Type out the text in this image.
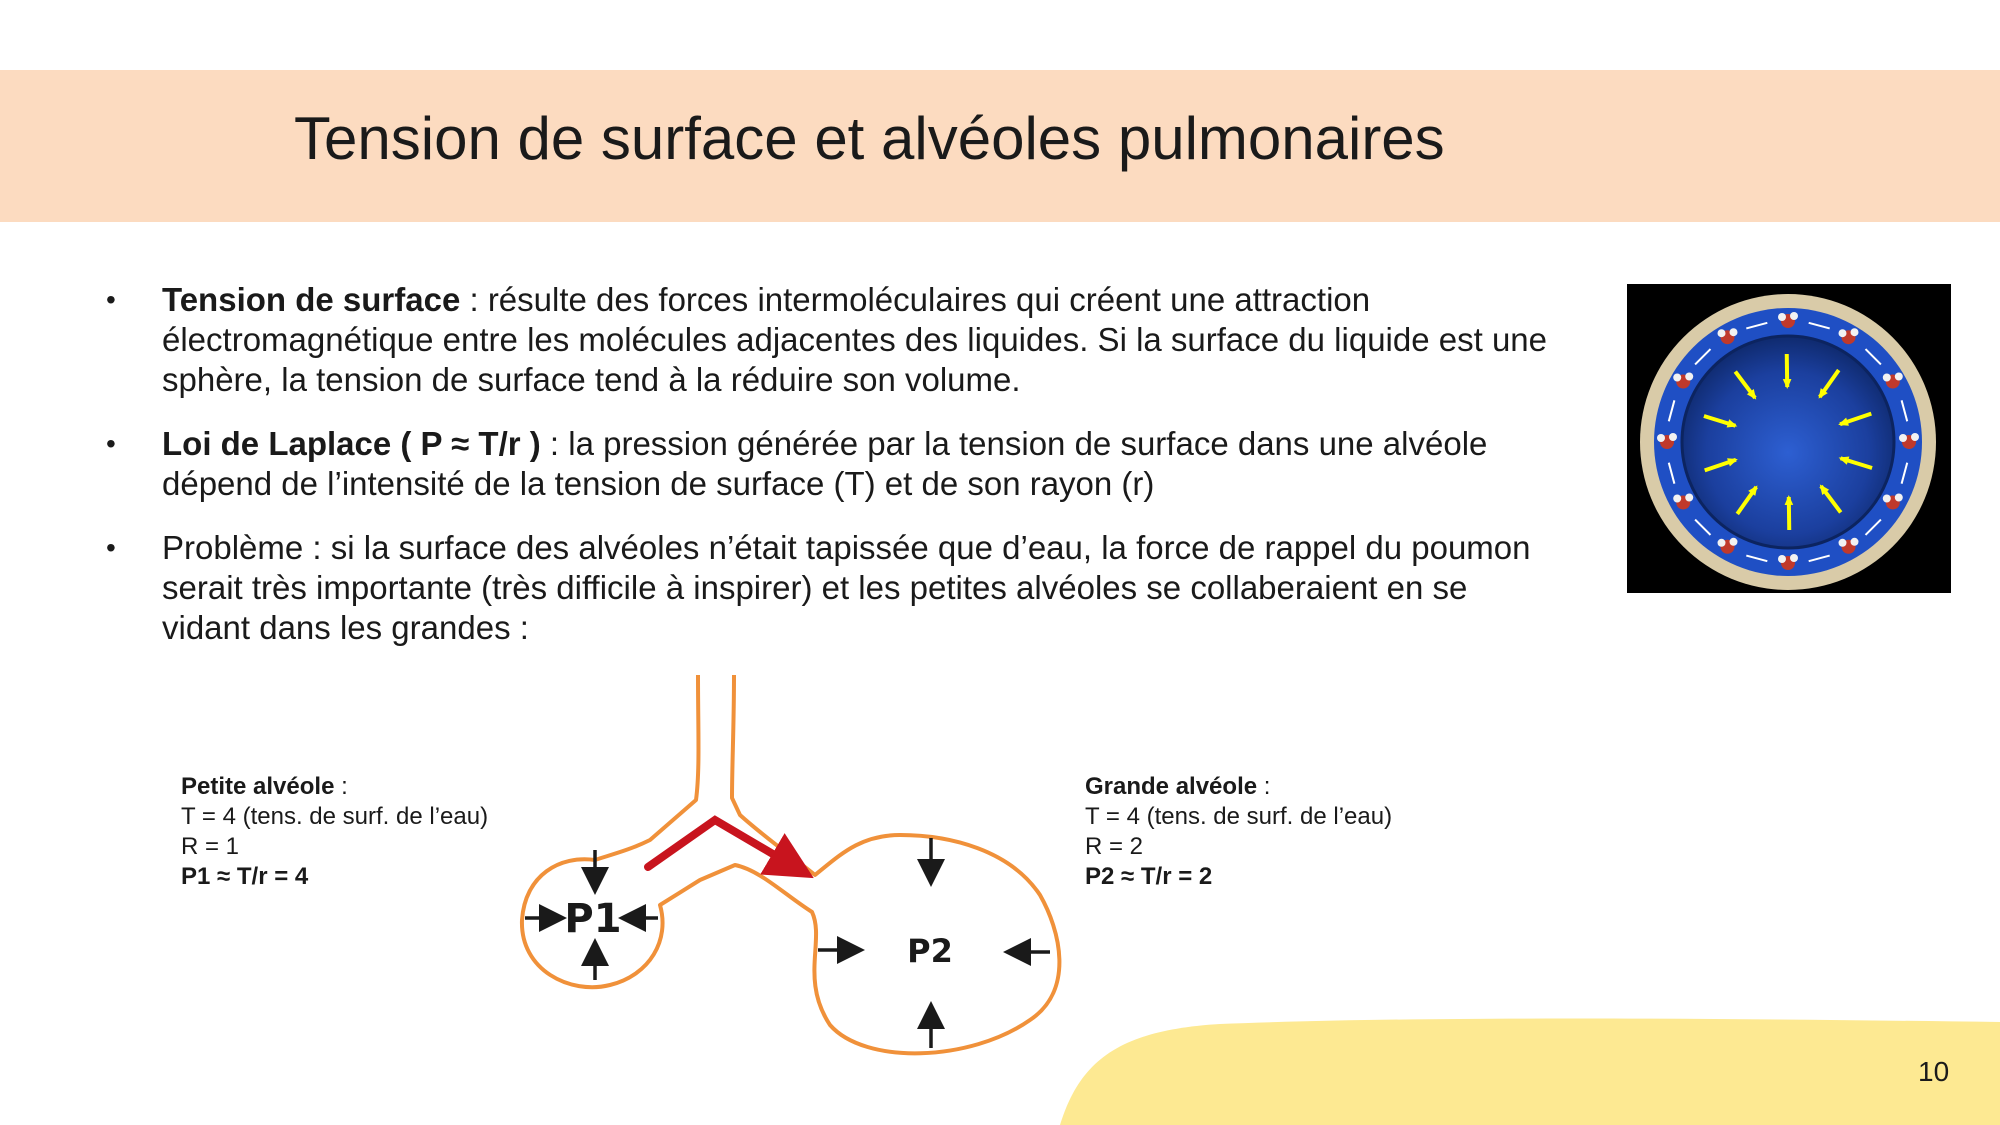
Tension de surface et alvéoles pulmonaires
• Tension de surface : résulte des forces intermoléculaires qui créent une attraction électromagnétique entre les molécules adjacentes des liquides. Si la surface du liquide est une sphère, la tension de surface tend à la réduire son volume.
• Loi de Laplace ( P ≈ T/r ) : la pression générée par la tension de surface dans une alvéole dépend de l’intensité de la tension de surface (T) et de son rayon (r)
• Problème : si la surface des alvéoles n’était tapissée que d’eau, la force de rappel du poumon serait très importante (très difficile à inspirer) et les petites alvéoles se collaberaient en se vidant dans les grandes :
P1
P2
Petite alvéole :
T = 4 (tens. de surf. de l’eau)
R = 1
P1 ≈ T/r = 4
Grande alvéole :
T = 4 (tens. de surf. de l’eau)
R = 2
P2 ≈ T/r = 2
10
